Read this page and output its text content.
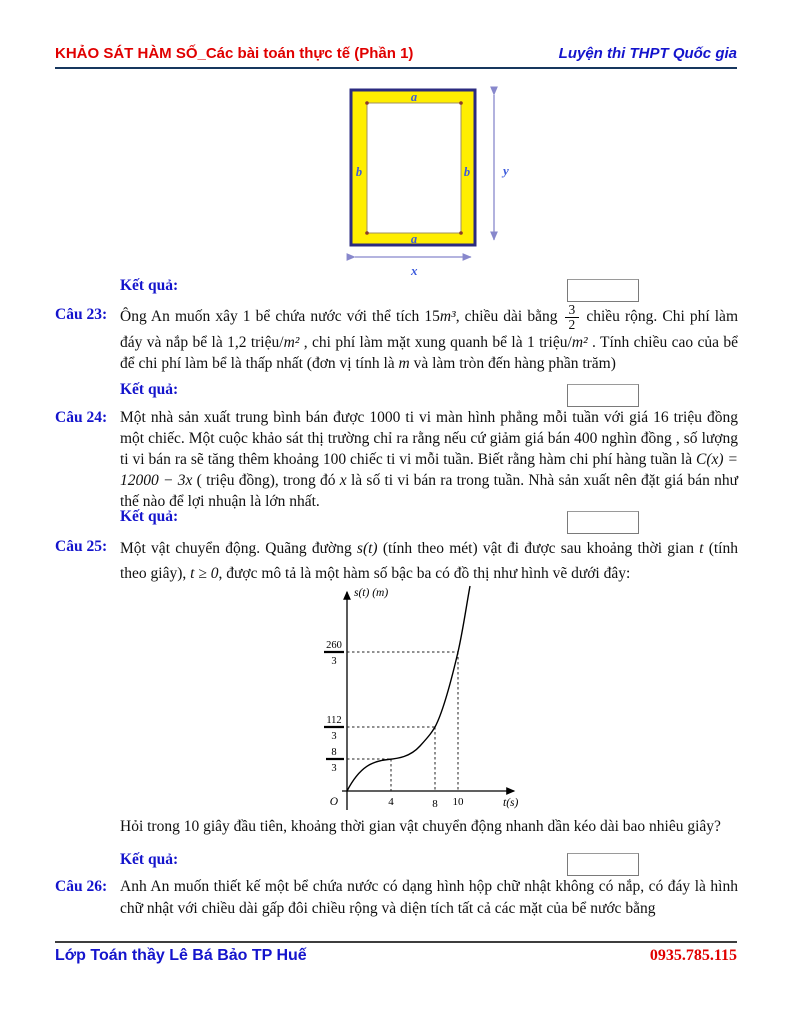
KHẢO SÁT HÀM SỐ_Các bài toán thực tế (Phần 1)	Luyện thi THPT Quốc gia
a
b	b
a
y
x
Kết quả:
Câu 23: Ông An muốn xây 1 bể chứa nước với thể tích 15m³, chiều dài bằng $\frac{3}{2}$ chiều rộng. Chi phí làm đáy và nắp bể là 1,2 triệu/m² , chi phí làm mặt xung quanh bể là 1 triệu/m² . Tính chiều cao của bể để chi phí làm bể là thấp nhất (đơn vị tính là m và làm tròn đến hàng phần trăm)
Kết quả:
Câu 24: Một nhà sản xuất trung bình bán được 1000 ti vi màn hình phẳng mỗi tuần với giá 16 triệu đồng một chiếc. Một cuộc khảo sát thị trường chỉ ra rằng nếu cứ giảm giá bán 400 nghìn đồng , số lượng ti vi bán ra sẽ tăng thêm khoảng 100 chiếc ti vi mỗi tuần. Biết rằng hàm chi phí hàng tuần là C(x) = 12000 − 3x ( triệu đồng), trong đó x là số ti vi bán ra trong tuần. Nhà sản xuất nên đặt giá bán như thế nào để lợi nhuận là lớn nhất.
Kết quả:
Câu 25: Một vật chuyển động. Quãng đường s(t) (tính theo mét) vật đi được sau khoảng thời gian t (tính theo giây), t ≥ 0, được mô tả là một hàm số bậc ba có đồ thị như hình vẽ dưới đây:
260
3
112
3
8
3
4	8 10
s(t) (m)
t(s)
O
Hỏi trong 10 giây đầu tiên, khoảng thời gian vật chuyển động nhanh dần kéo dài bao nhiêu giây?
Kết quả:
Câu 26: Anh An muốn thiết kế một bể chứa nước có dạng hình hộp chữ nhật không có nắp, có đáy là hình chữ nhật với chiều dài gấp đôi chiều rộng và diện tích tất cả các mặt của bể nước bằng
Lớp Toán thầy Lê Bá Bảo TP Huế	0935.785.115
